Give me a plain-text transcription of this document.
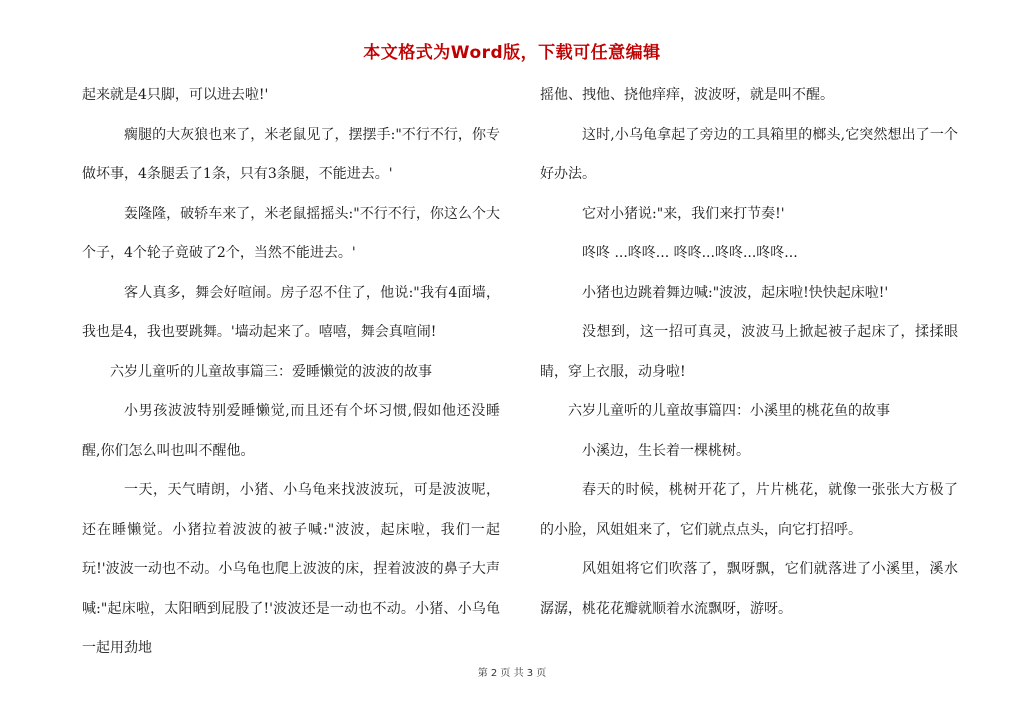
本文格式为Word版，下载可任意编辑

起来就是4只脚，可以进去啦!'

瘸腿的大灰狼也来了，米老鼠见了，摆摆手:"不行不行，你专做坏事，4条腿丢了1条，只有3条腿，不能进去。'

轰隆隆，破轿车来了，米老鼠摇摇头:"不行不行，你这么个大个子，4个轮子竟破了2个，当然不能进去。'

客人真多，舞会好喧闹。房子忍不住了，他说:"我有4面墙，我也是4，我也要跳舞。'墙动起来了。嘻嘻，舞会真喧闹!

六岁儿童听的儿童故事篇三：爱睡懒觉的波波的故事

小男孩波波特别爱睡懒觉,而且还有个坏习惯,假如他还没睡醒,你们怎么叫也叫不醒他。

一天，天气晴朗，小猪、小乌龟来找波波玩，可是波波呢，还在睡懒觉。小猪拉着波波的被子喊:"波波，起床啦，我们一起玩!'波波一动也不动。小乌龟也爬上波波的床，捏着波波的鼻子大声喊:"起床啦，太阳晒到屁股了!'波波还是一动也不动。小猪、小乌龟一起用劲地

摇他、拽他、挠他痒痒，波波呀，就是叫不醒。

这时,小乌龟拿起了旁边的工具箱里的榔头,它突然想出了一个好办法。

它对小猪说:"来，我们来打节奏!'

咚咚 ...咚咚... 咚咚...咚咚...咚咚...

小猪也边跳着舞边喊:"波波，起床啦!快快起床啦!'

没想到，这一招可真灵，波波马上掀起被子起床了，揉揉眼睛，穿上衣服，动身啦!

六岁儿童听的儿童故事篇四：小溪里的桃花鱼的故事

小溪边，生长着一棵桃树。

春天的时候，桃树开花了，片片桃花，就像一张张大方极了的小脸，风姐姐来了，它们就点点头，向它打招呼。

风姐姐将它们吹落了，飘呀飘，它们就落进了小溪里，溪水潺潺，桃花花瓣就顺着水流飘呀，游呀。

第 2 页 共 3 页
